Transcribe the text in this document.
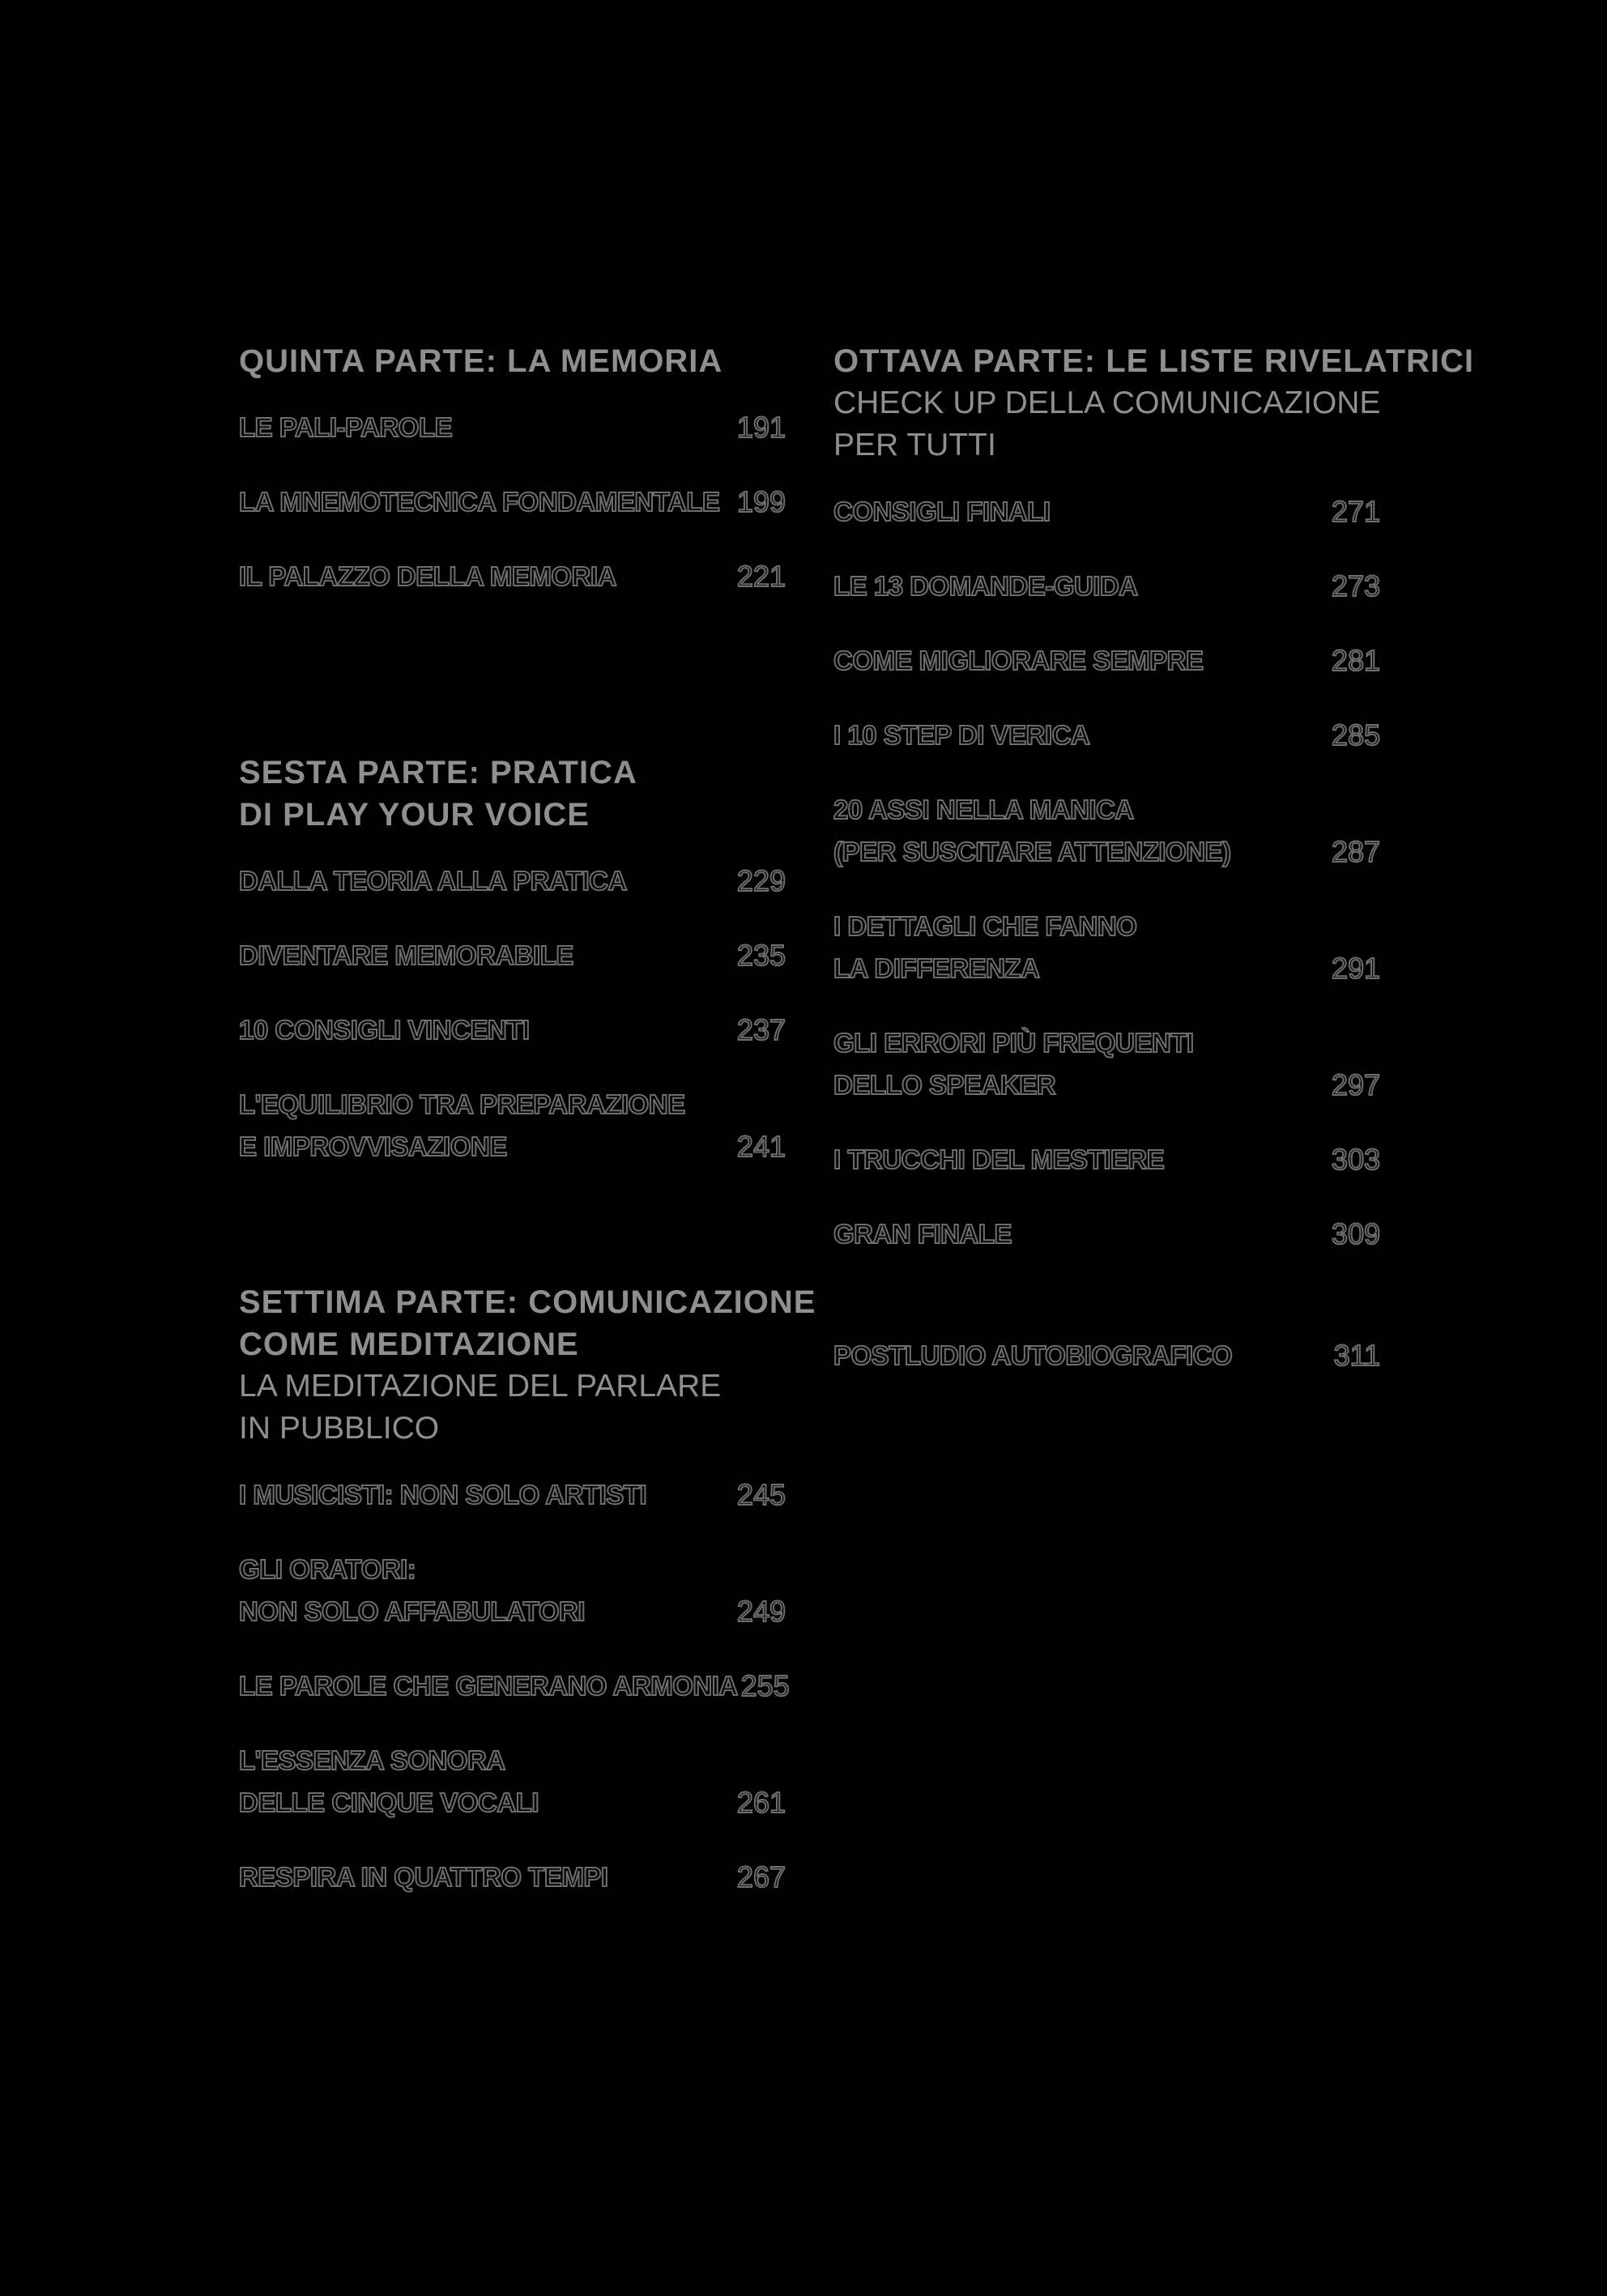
QUINTA PARTE: LA MEMORIA
LE PALI-PAROLE	191
LA MNEMOTECNICA FONDAMENTALE 199
IL PALAZZO DELLA MEMORIA	221
SESTA PARTE: PRATICA
DI PLAY YOUR VOICE
DALLA TEORIA ALLA PRATICA	229
DIVENTARE MEMORABILE	235
10 CONSIGLI VINCENTI	237
L'EQUILIBRIO TRA PREPARAZIONE
E IMPROVVISAZIONE	241
SETTIMA PARTE: COMUNICAZIONE
COME MEDITAZIONE
LA MEDITAZIONE DEL PARLARE
IN PUBBLICO
I MUSICISTI: NON SOLO ARTISTI	245
GLI ORATORI:
NON SOLO AFFABULATORI	249
LE PAROLE CHE GENERANO ARMONIA 255
L'ESSENZA SONORA
DELLE CINQUE VOCALI	261
RESPIRA IN QUATTRO TEMPI	267
OTTAVA PARTE: LE LISTE RIVELATRICI
CHECK UP DELLA COMUNICAZIONE
PER TUTTI
CONSIGLI FINALI	271
LE 13 DOMANDE-GUIDA	273
COME MIGLIORARE SEMPRE	281
I 10 STEP DI VERICA	285
20 ASSI NELLA MANICA
(PER SUSCITARE ATTENZIONE)	287
I DETTAGLI CHE FANNO
LA DIFFERENZA	291
GLI ERRORI PIÙ FREQUENTI
DELLO SPEAKER	297
I TRUCCHI DEL MESTIERE	303
GRAN FINALE	309
POSTLUDIO AUTOBIOGRAFICO	311
